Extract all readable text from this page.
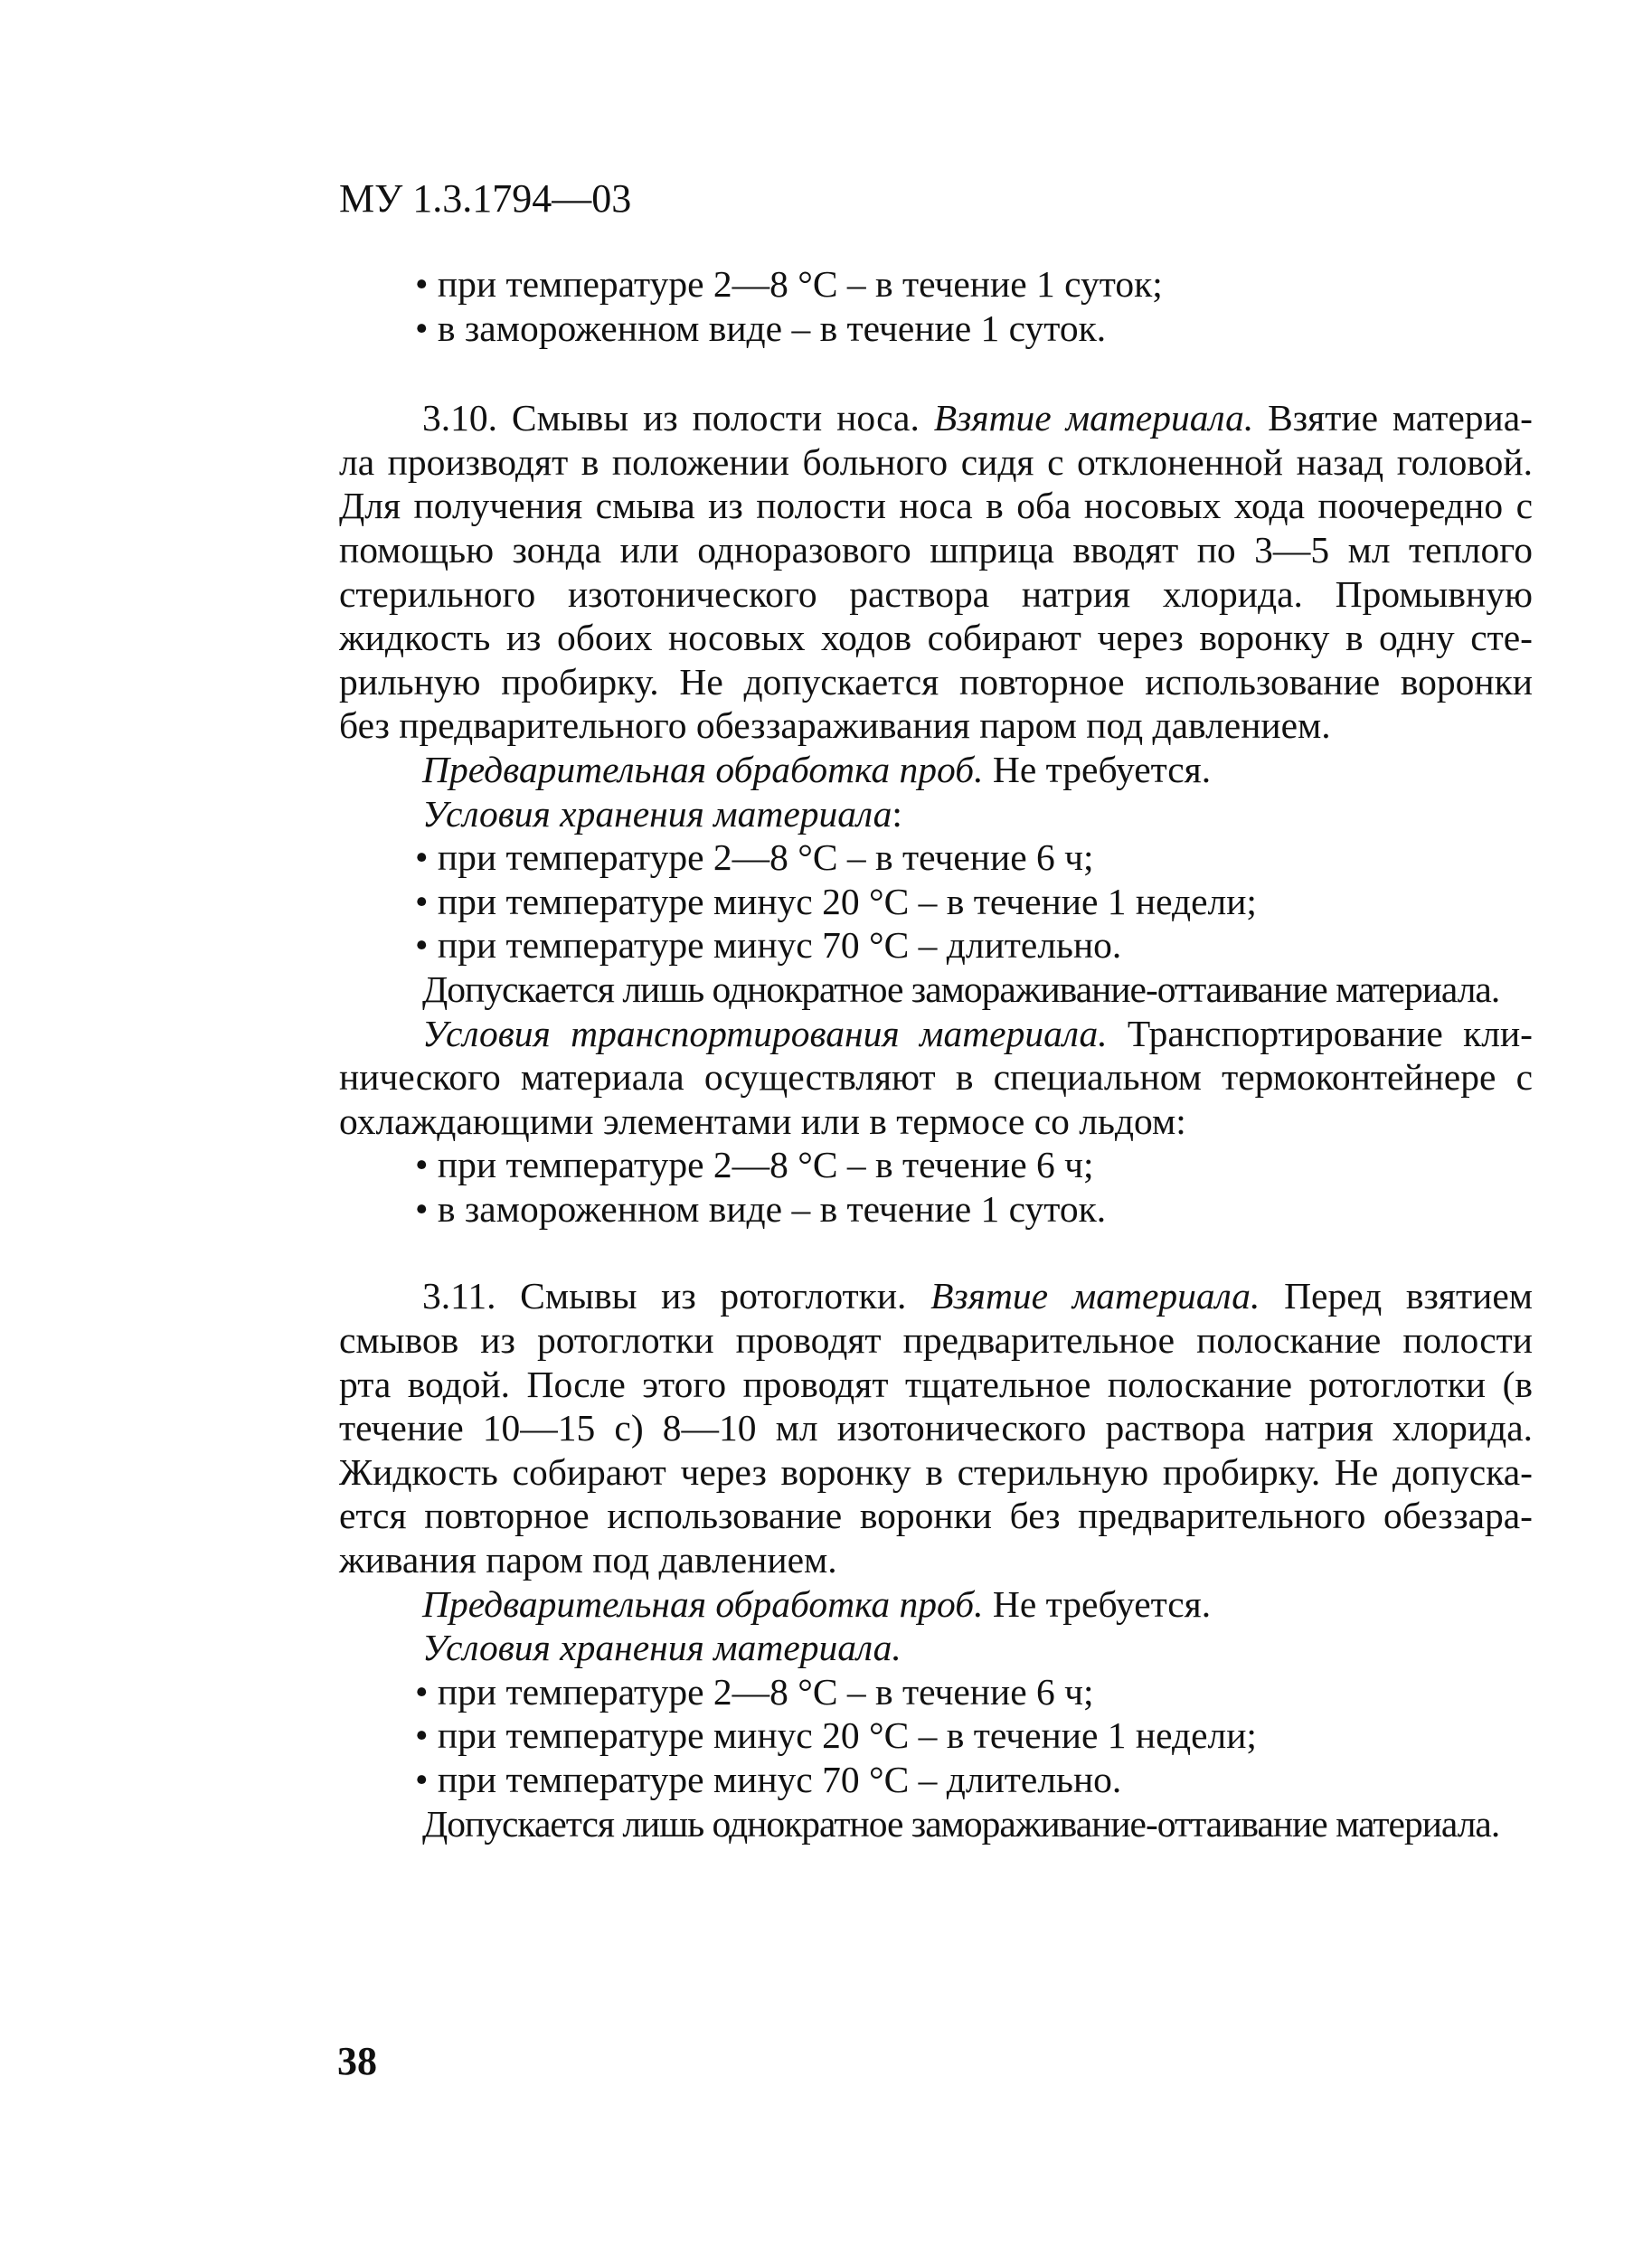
МУ 1.3.1794—03
• при температуре 2—8 °С – в течение 1 суток;
• в замороженном виде – в течение 1 суток.
3.10. Смывы из полости носа. Взятие материала. Взятие материа-
ла производят в положении больного сидя с отклоненной назад головой.
Для получения смыва из полости носа в оба носовых хода поочередно с
помощью зонда или одноразового шприца вводят по 3—5 мл теплого
стерильного изотонического раствора натрия хлорида. Промывную
жидкость из обоих носовых ходов собирают через воронку в одну сте-
рильную пробирку. Не допускается повторное использование воронки
без предварительного обеззараживания паром под давлением.
Предварительная обработка проб. Не требуется.
Условия хранения материала:
• при температуре 2—8 °С – в течение 6 ч;
• при температуре минус 20 °С – в течение 1 недели;
• при температуре минус 70 °С – длительно.
Допускается лишь однократное замораживание-оттаивание материала.
Условия транспортирования материала. Транспортирование кли-
нического материала осуществляют в специальном термоконтейнере с
охлаждающими элементами или в термосе со льдом:
• при температуре 2—8 °С – в течение 6 ч;
• в замороженном виде – в течение 1 суток.
3.11. Смывы из ротоглотки. Взятие материала. Перед взятием
смывов из ротоглотки проводят предварительное полоскание полости
рта водой. После этого проводят тщательное полоскание ротоглотки (в
течение 10—15 с) 8—10 мл изотонического раствора натрия хлорида.
Жидкость собирают через воронку в стерильную пробирку. Не допуска-
ется повторное использование воронки без предварительного обеззара-
живания паром под давлением.
Предварительная обработка проб. Не требуется.
Условия хранения материала.
• при температуре 2—8 °С – в течение 6 ч;
• при температуре минус 20 °С – в течение 1 недели;
• при температуре минус 70 °С – длительно.
Допускается лишь однократное замораживание-оттаивание материала.
38
